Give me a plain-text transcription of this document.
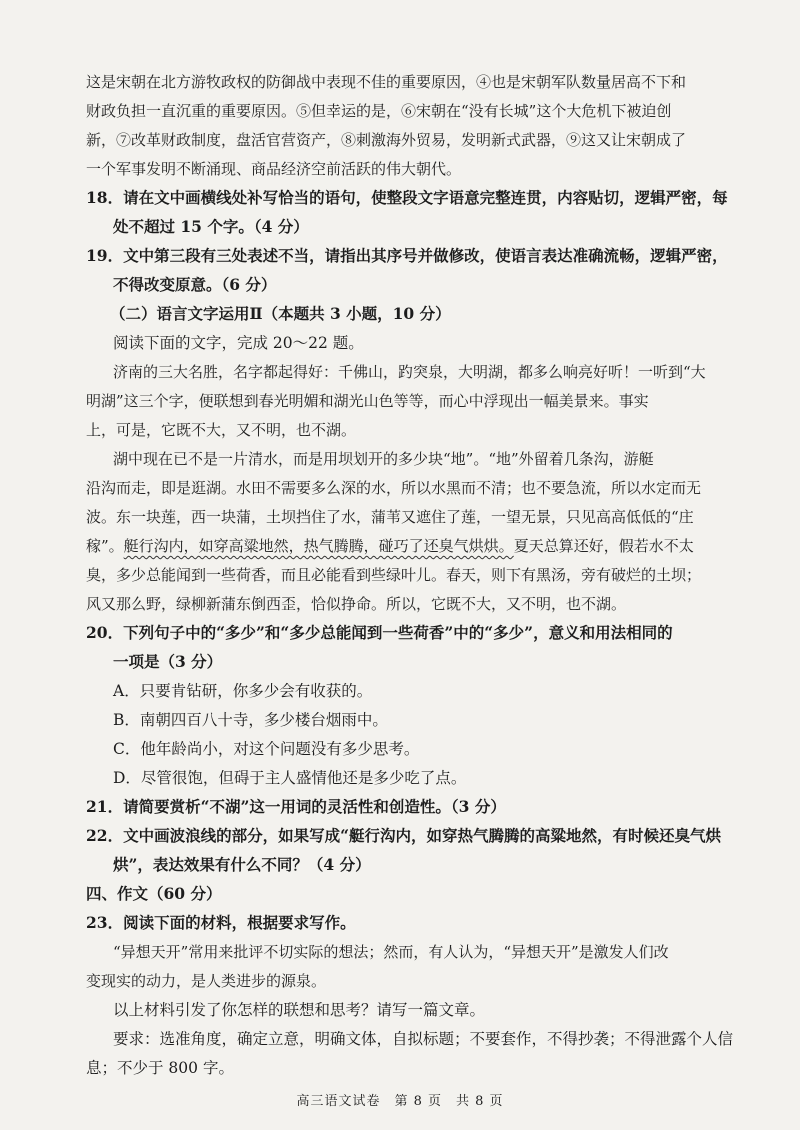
这是宋朝在北方游牧政权的防御战中表现不佳的重要原因，④也是宋朝军队数量居高不下和
财政负担一直沉重的重要原因。⑤但幸运的是，⑥宋朝在“没有长城”这个大危机下被迫创
新，⑦改革财政制度，盘活官营资产，⑧刺激海外贸易，发明新式武器，⑨这又让宋朝成了
一个军事发明不断涌现、商品经济空前活跃的伟大朝代。
18．请在文中画横线处补写恰当的语句，使整段文字语意完整连贯，内容贴切，逻辑严密，每
处不超过 15 个字。（4 分）
19．文中第三段有三处表述不当，请指出其序号并做修改，使语言表达准确流畅，逻辑严密，
不得改变原意。（6 分）
（二）语言文字运用Ⅱ（本题共 3 小题，10 分）
阅读下面的文字，完成 20～22 题。
济南的三大名胜，名字都起得好：千佛山，趵突泉，大明湖，都多么响亮好听！一听到“大
明湖”这三个字，便联想到春光明媚和湖光山色等等，而心中浮现出一幅美景来。事实
上，可是，它既不大，又不明，也不湖。
湖中现在已不是一片清水，而是用坝划开的多少块“地”。“地”外留着几条沟，游艇
沿沟而走，即是逛湖。水田不需要多么深的水，所以水黑而不清；也不要急流，所以水定而无
波。东一块莲，西一块蒲，土坝挡住了水，蒲苇又遮住了莲，一望无景，只见高高低低的“庄
稼”。艇行沟内，如穿高粱地然，热气腾腾，碰巧了还臭气烘烘。夏天总算还好，假若水不太
臭，多少总能闻到一些荷香，而且必能看到些绿叶儿。春天，则下有黑汤，旁有破烂的土坝；
风又那么野，绿柳新蒲东倒西歪，恰似挣命。所以，它既不大，又不明，也不湖。
20．下列句子中的“多少”和“多少总能闻到一些荷香”中的“多少”，意义和用法相同的
一项是（3 分）
A．只要肯钻研，你多少会有收获的。
B．南朝四百八十寺，多少楼台烟雨中。
C．他年龄尚小，对这个问题没有多少思考。
D．尽管很饱，但碍于主人盛情他还是多少吃了点。
21．请简要赏析“不湖”这一用词的灵活性和创造性。（3 分）
22．文中画波浪线的部分，如果写成“艇行沟内，如穿热气腾腾的高粱地然，有时候还臭气烘
烘”，表达效果有什么不同？（4 分）
四、作文（60 分）
23．阅读下面的材料，根据要求写作。
“异想天开”常用来批评不切实际的想法；然而，有人认为，“异想天开”是激发人们改
变现实的动力，是人类进步的源泉。
以上材料引发了你怎样的联想和思考？请写一篇文章。
要求：选准角度，确定立意，明确文体，自拟标题；不要套作，不得抄袭；不得泄露个人信
息；不少于 800 字。
高三语文试卷　第 8 页　共 8 页
